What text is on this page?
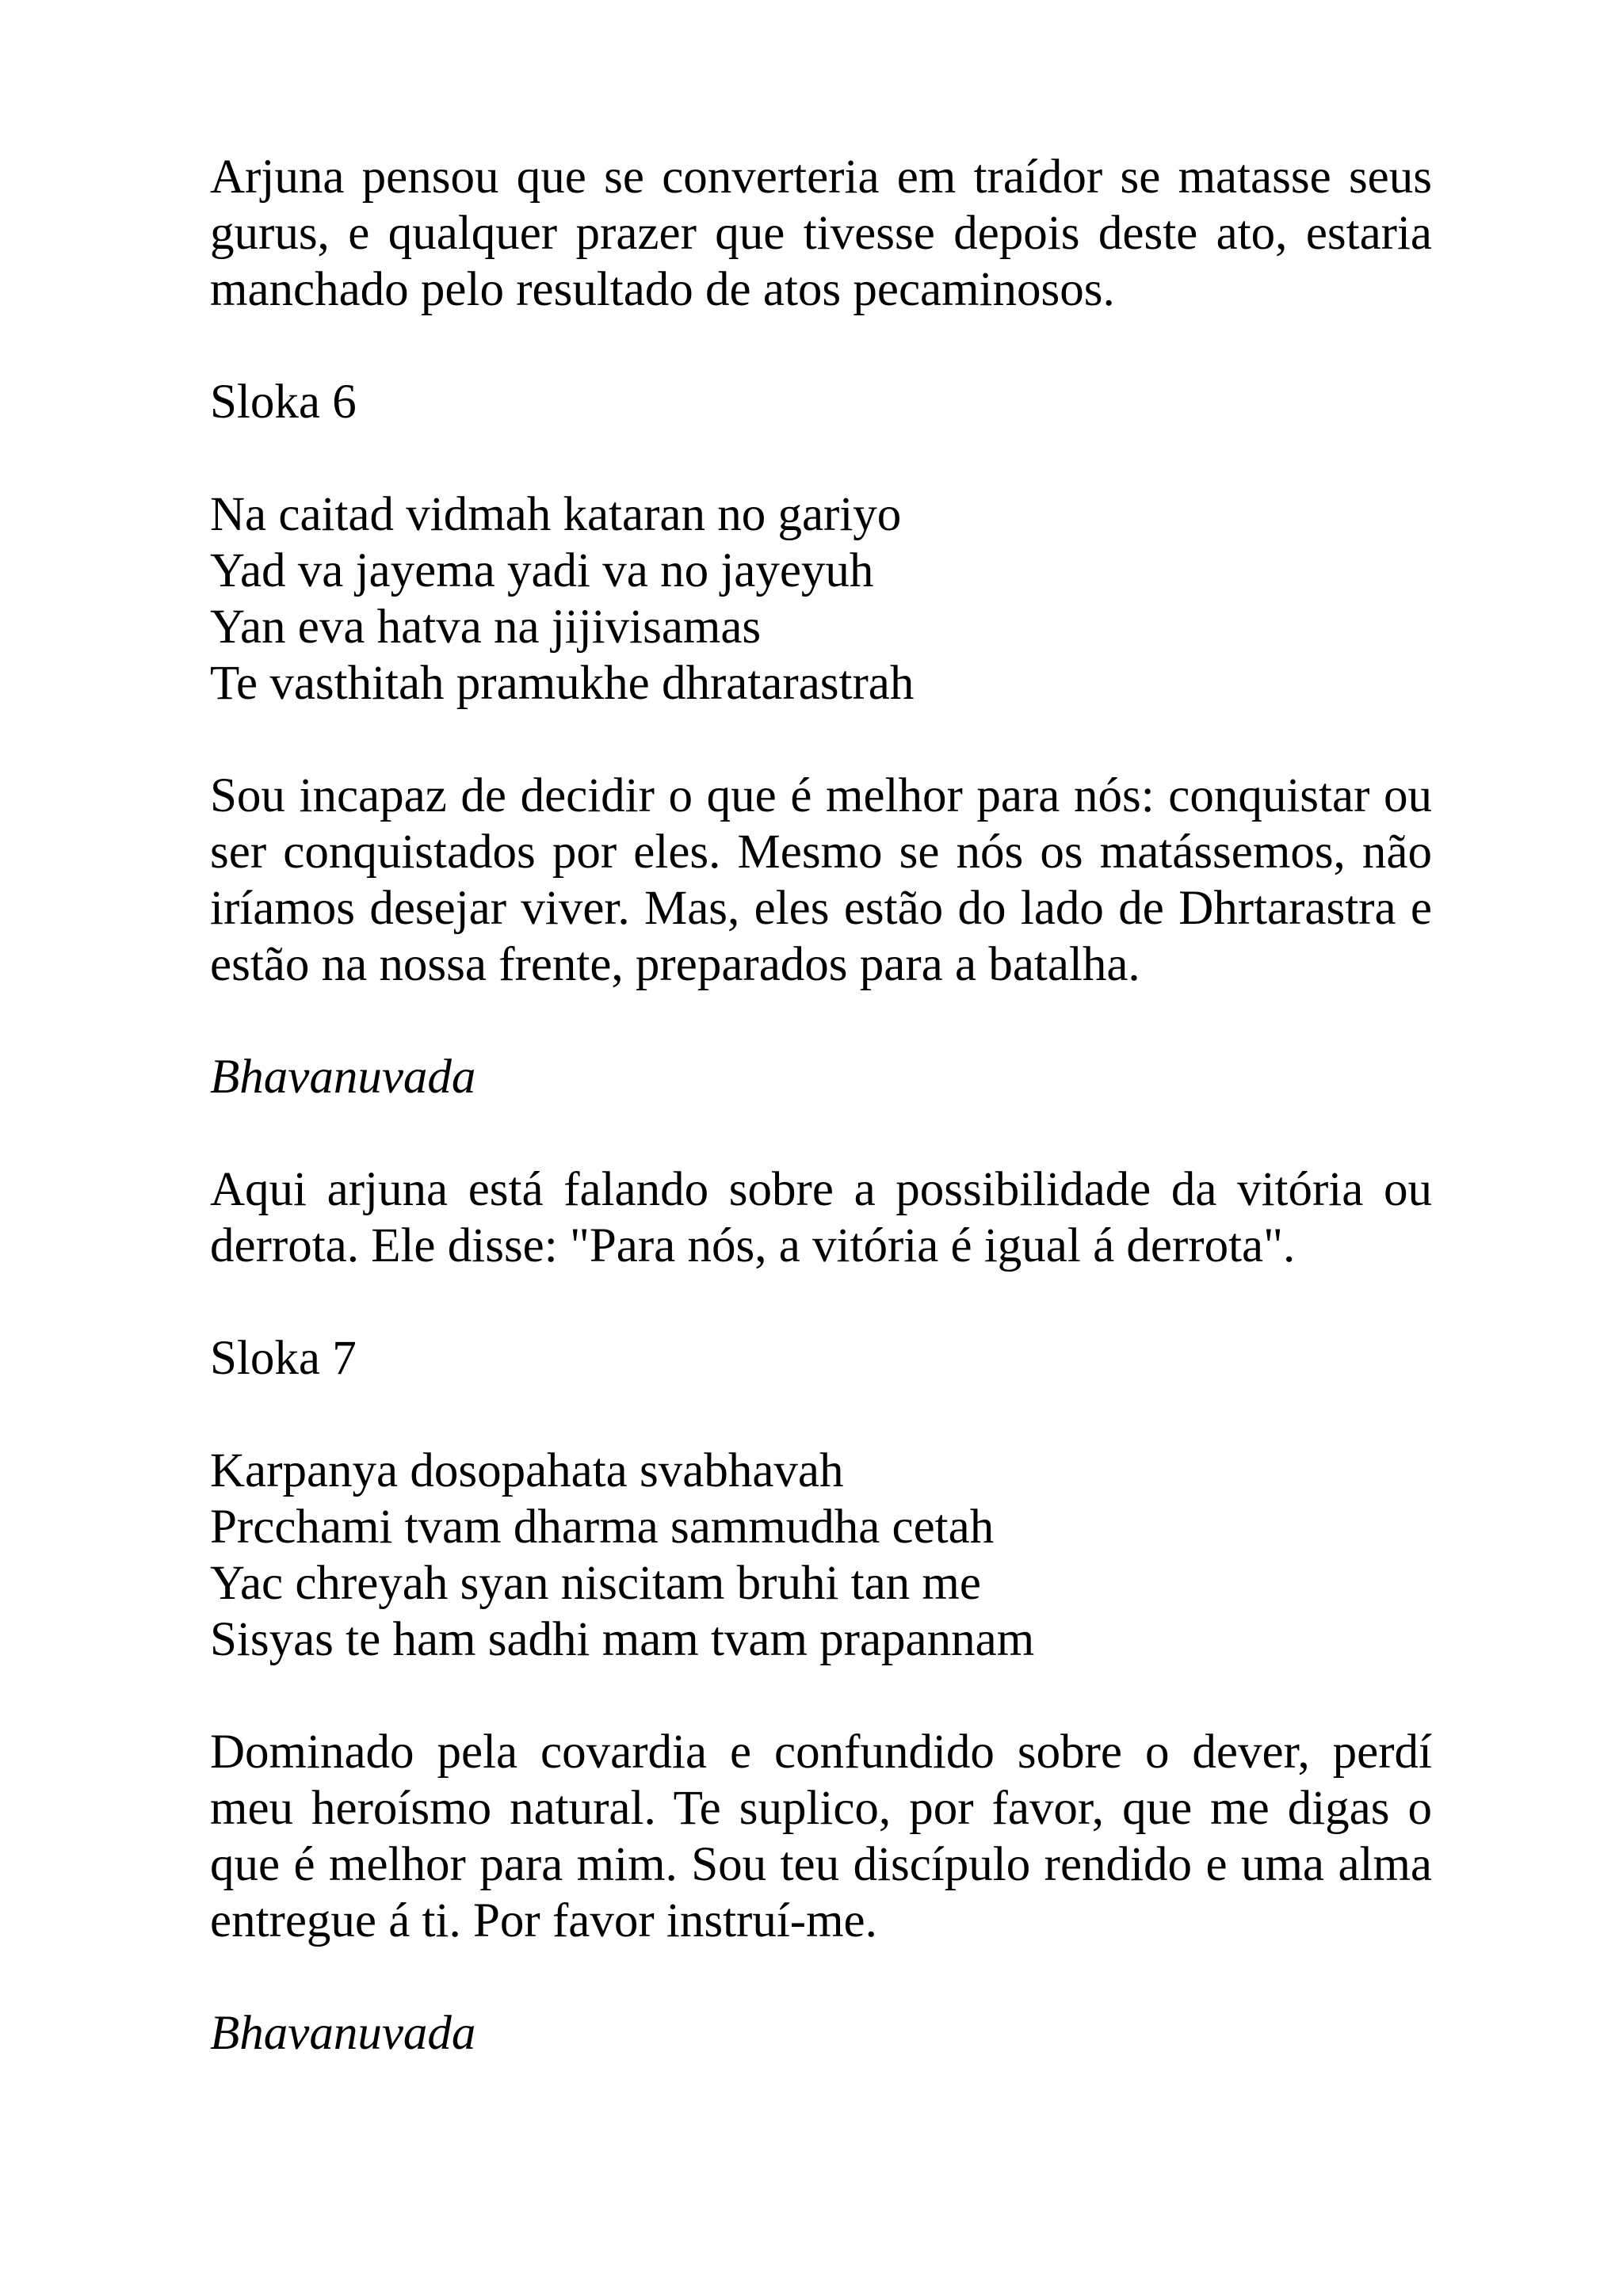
Arjuna pensou que se converteria em traídor se matasse seus
gurus, e qualquer prazer que tivesse depois deste ato, estaria
manchado pelo resultado de atos pecaminosos.

Sloka 6

Na caitad vidmah kataran no gariyo
Yad va jayema yadi va no jayeyuh
Yan eva hatva na jijivisamas
Te vasthitah pramukhe dhratarastrah

Sou incapaz de decidir o que é melhor para nós: conquistar ou
ser conquistados por eles. Mesmo se nós os matássemos, não
iríamos desejar viver. Mas, eles estão do lado de Dhrtarastra e
estão na nossa frente, preparados para a batalha.

Bhavanuvada

Aqui arjuna está falando sobre a possibilidade da vitória ou
derrota. Ele disse: "Para nós, a vitória é igual á derrota".

Sloka 7

Karpanya dosopahata svabhavah
Prcchami tvam dharma sammudha cetah
Yac chreyah syan niscitam bruhi tan me
Sisyas te ham sadhi mam tvam prapannam

Dominado pela covardia e confundido sobre o dever, perdí
meu heroísmo natural. Te suplico, por favor, que me digas o
que é melhor para mim. Sou teu discípulo rendido e uma alma
entregue á ti. Por favor instruí-me.

Bhavanuvada
